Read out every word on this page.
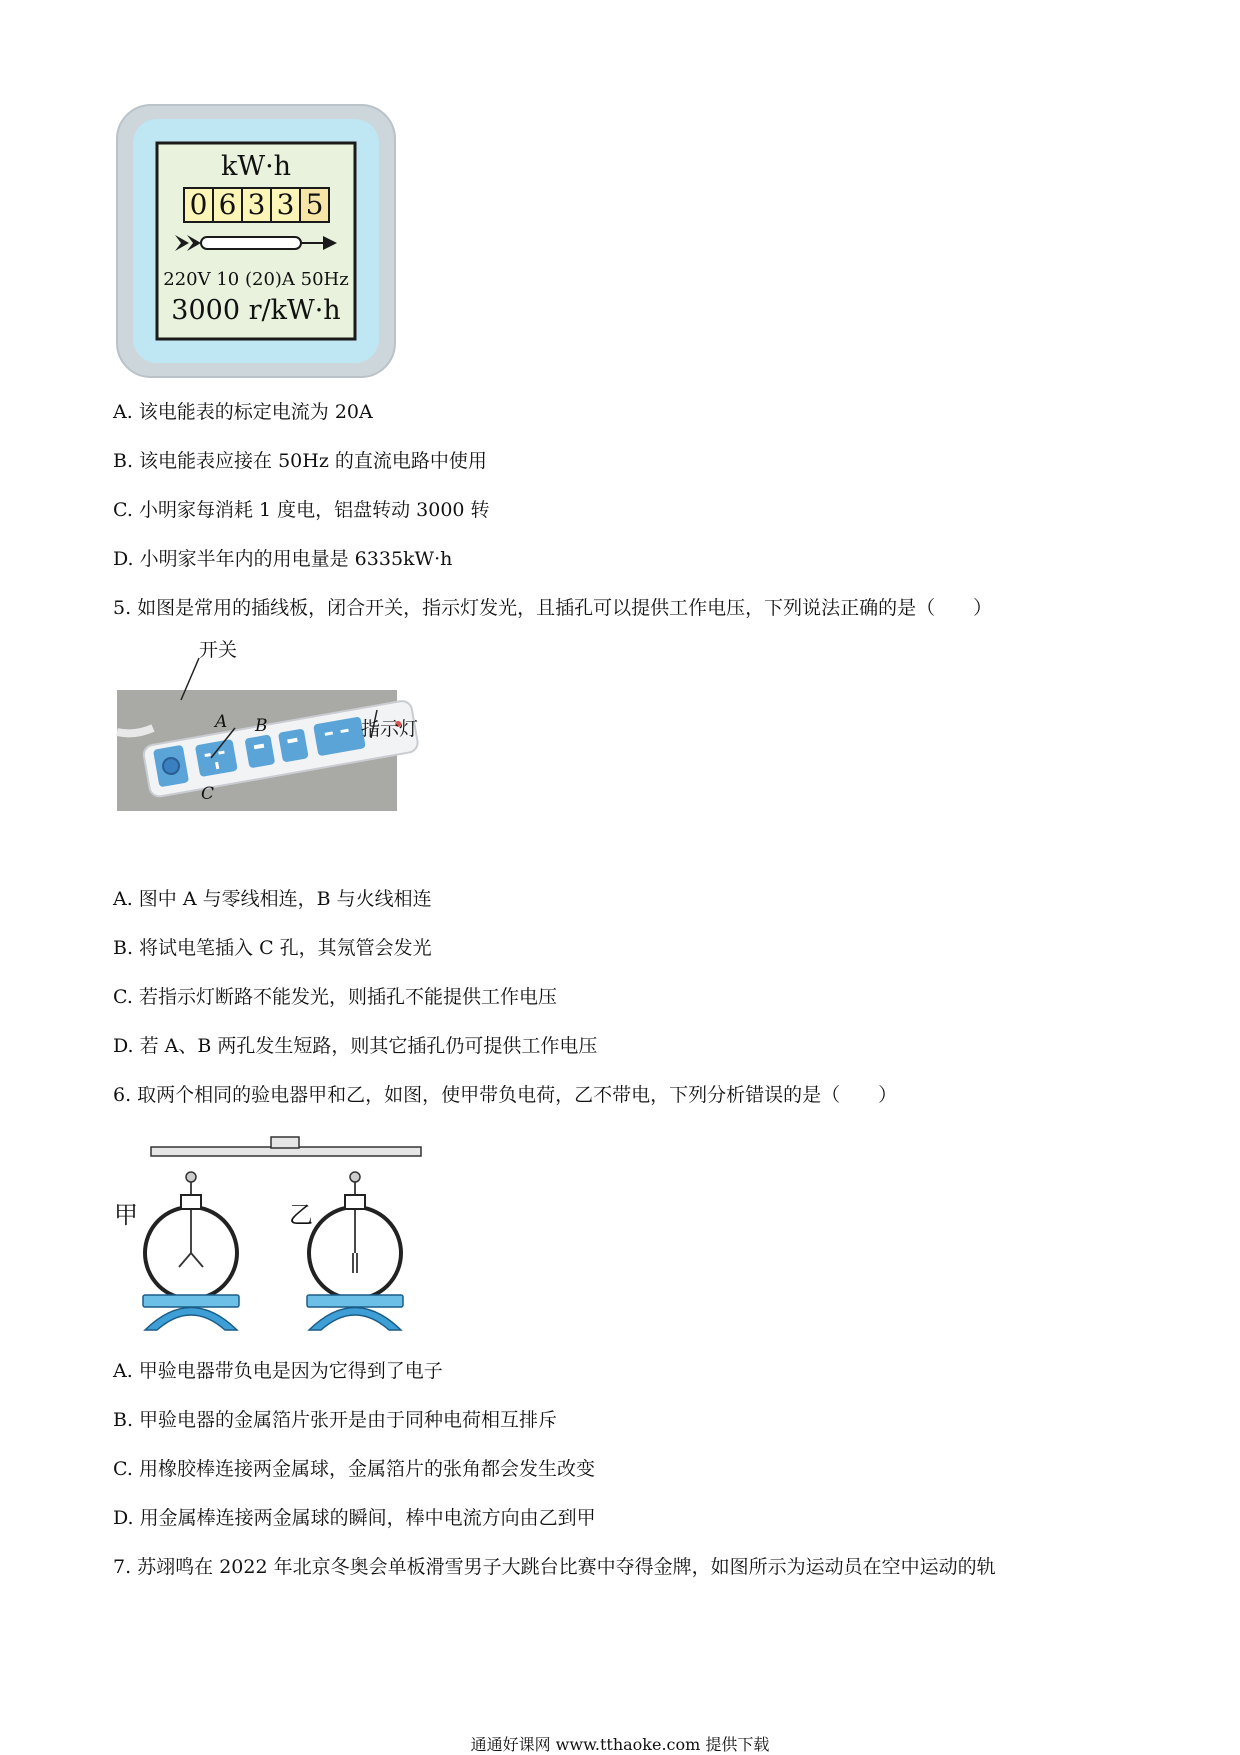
kW·h
0 6 3 3 5
220V 10 (20)A 50Hz
3000 r/kW·h
A. 该电能表的标定电流为 20A
B. 该电能表应接在 50Hz 的直流电路中使用
C. 小明家每消耗 1 度电，铝盘转动 3000 转
D. 小明家半年内的用电量是 6335kW·h
5. 如图是常用的插线板，闭合开关，指示灯发光，且插孔可以提供工作电压，下列说法正确的是（　　）
开关
A B	指示灯
C
A. 图中 A 与零线相连，B 与火线相连
B. 将试电笔插入 C 孔，其氖管会发光
C. 若指示灯断路不能发光，则插孔不能提供工作电压
D. 若 A、B 两孔发生短路，则其它插孔仍可提供工作电压
6. 取两个相同的验电器甲和乙，如图，使甲带负电荷，乙不带电，下列分析错误的是（　　）
甲	乙
A. 甲验电器带负电是因为它得到了电子
B. 甲验电器的金属箔片张开是由于同种电荷相互排斥
C. 用橡胶棒连接两金属球，金属箔片的张角都会发生改变
D. 用金属棒连接两金属球的瞬间，棒中电流方向由乙到甲
7. 苏翊鸣在 2022 年北京冬奥会单板滑雪男子大跳台比赛中夺得金牌，如图所示为运动员在空中运动的轨
通通好课网 www.tthaoke.com 提供下载
